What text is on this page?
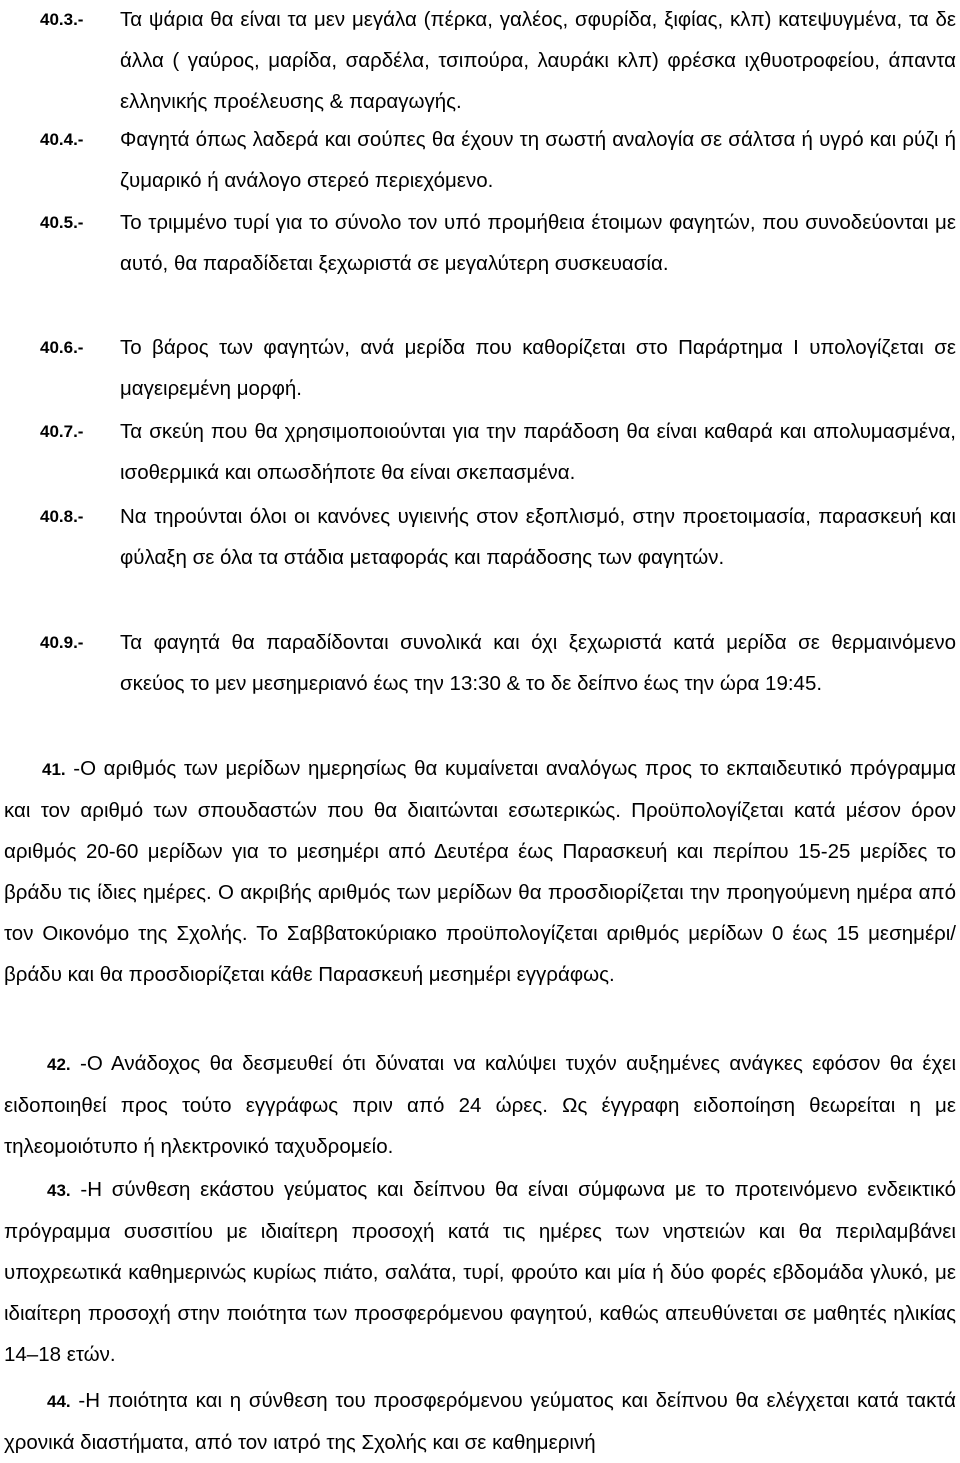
40.3.- Τα ψάρια θα είναι τα μεν μεγάλα (πέρκα, γαλέος, σφυρίδα, ξιφίας, κλπ) κατεψυγμένα, τα δε άλλα ( γαύρος, μαρίδα, σαρδέλα, τσιπούρα, λαυράκι κλπ) φρέσκα ιχθυοτροφείου, άπαντα ελληνικής προέλευσης & παραγωγής.
40.4.- Φαγητά όπως λαδερά και σούπες θα έχουν τη σωστή αναλογία σε σάλτσα ή υγρό και ρύζι ή ζυμαρικό ή ανάλογο στερεό περιεχόμενο.
40.5.- Το τριμμένο τυρί για το σύνολο τον υπό προμήθεια έτοιμων φαγητών, που συνοδεύονται με αυτό, θα παραδίδεται ξεχωριστά σε μεγαλύτερη συσκευασία.
40.6.- Το βάρος των φαγητών, ανά μερίδα που καθορίζεται στο Παράρτημα Ι υπολογίζεται σε μαγειρεμένη μορφή.
40.7.- Τα σκεύη που θα χρησιμοποιούνται για την παράδοση θα είναι καθαρά και απολυμασμένα, ισοθερμικά και οπωσδήποτε θα είναι σκεπασμένα.
40.8.- Να τηρούνται όλοι οι κανόνες υγιεινής στον εξοπλισμό, στην προετοιμασία, παρασκευή και φύλαξη σε όλα τα στάδια μεταφοράς και παράδοσης των φαγητών.
40.9.- Τα φαγητά θα παραδίδονται συνολικά και όχι ξεχωριστά κατά μερίδα σε θερμαινόμενο σκεύος το μεν μεσημεριανό έως την 13:30 & το δε δείπνο έως την ώρα 19:45.
41. -Ο αριθμός των μερίδων ημερησίως θα κυμαίνεται αναλόγως προς το εκπαιδευτικό πρόγραμμα και τον αριθμό των σπουδαστών που θα διαιτώνται εσωτερικώς. Προϋπολογίζεται κατά μέσον όρον αριθμός 20-60 μερίδων για το μεσημέρι από Δευτέρα έως Παρασκευή και περίπου 15-25 μερίδες το βράδυ τις ίδιες ημέρες. Ο ακριβής αριθμός των μερίδων θα προσδιορίζεται την προηγούμενη ημέρα από τον Οικονόμο της Σχολής. Το Σαββατοκύριακο προϋπολογίζεται αριθμός μερίδων 0 έως 15 μεσημέρι/βράδυ και θα προσδιορίζεται κάθε Παρασκευή μεσημέρι εγγράφως.
42. -Ο Ανάδοχος θα δεσμευθεί ότι δύναται να καλύψει τυχόν αυξημένες ανάγκες εφόσον θα έχει ειδοποιηθεί προς τούτο εγγράφως πριν από 24 ώρες. Ως έγγραφη ειδοποίηση θεωρείται η με τηλεομοιότυπο ή ηλεκτρονικό ταχυδρομείο.
43. -Η σύνθεση εκάστου γεύματος και δείπνου θα είναι σύμφωνα με το προτεινόμενο ενδεικτικό πρόγραμμα συσσιτίου με ιδιαίτερη προσοχή κατά τις ημέρες των νηστειών και θα περιλαμβάνει υποχρεωτικά καθημερινώς κυρίως πιάτο, σαλάτα, τυρί, φρούτο και μία ή δύο φορές εβδομάδα γλυκό, με ιδιαίτερη προσοχή στην ποιότητα των προσφερόμενου φαγητού, καθώς απευθύνεται σε μαθητές ηλικίας 14–18 ετών.
44. -Η ποιότητα και η σύνθεση του προσφερόμενου γεύματος και δείπνου θα ελέγχεται κατά τακτά χρονικά διαστήματα, από τον ιατρό της Σχολής και σε καθημερινή
